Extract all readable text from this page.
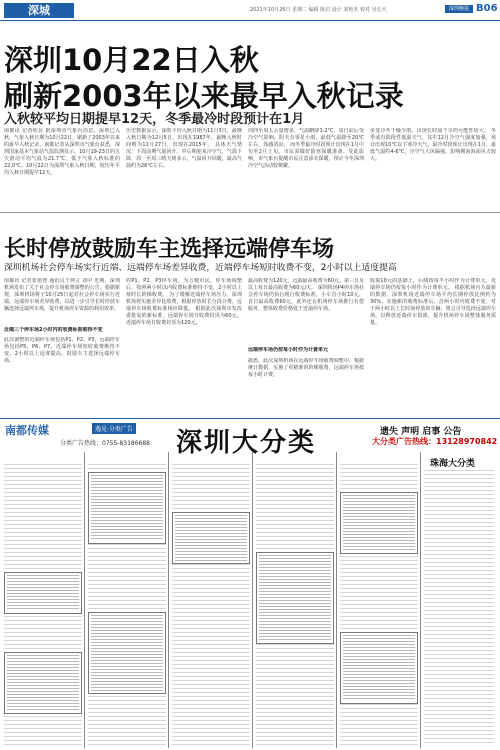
深城	2021年10月26日 星期二 编辑 陈启 设计 刘艳杰 校对 吴长火	深圳晚报 B06
深圳10月22日入秋
刷新2003年以来最早入秋记录
入秋较平均日期提早12天，冬季最冷时段预计在1月
南都讯 记者程昆 据深圳市气象台消息，深圳已入秋，气象入秋日期为10月22日，刷新了2003年以来的最早入秋记录。南都记者从深圳市气象台获悉，深圳国家基本气象站气温监测显示，10月19-23日的五天滑动平均气温为21.7℃，低于气象入秋标准的22.0℃。10月22日为深圳气象入秋日期，较历年平均入秋日期提早12天。
历史数据显示，深圳平均入秋日期为11月3日，最晚入秋日期为12月5日，出现在1987年，最晚入秋时间则为11月27日，出现在2015年。 具体天气情况：下周前期气温回升，中后期迎来冷空气，气温下降，周一至周三晴天到多云，气温回升回暖，最高气温约为26℃左右。
周四至周五云量增多，气温略降1-2℃，周日前后受冷空气影响，阴天有零星小雨，最低气温降至20℃左右，体感清凉。 而冬季最冷时段预计出现在1月中旬至2月上旬，市民需做好防寒保暖准备。受此影响，市气象台提醒市民注意添衣保暖，预计今冬深圳冷空气活动较频繁。
多变冷冬干燥少雨，出现长时间干旱的可能性较大。 冬季或有阶段性低温天气，其中12月冷空气强度加强，预计出现10℃以下寒冷天气，最冷时段预计出现在1月，最低气温约4-6℃，冷空气大风偏强，影响期间海面风力较大。
长时停放鼓励车主选择远端停车场
深圳机场社会停车场实行近端、远端停车场差异收费，近端停车场短时收费不变，2小时以上适度提高
南都讯 记者张艳慧 通讯员王钟言 刘中 近期，深圳机场发布了关于社会停车场收费调整的公告。根据新规，深圳机场将于10月25日起对社会停车场实行近端、远端停车场差异收费，以进一步引导长时停放车辆选择远端停车场，提升机场停车资源的利用效率。
近端三个停车场2小时内的收费标准维持不变
此次调整的近端停车场包括P1、P2、P3，远端停车场包括P5、P6、P7。近端停车场短时收费维持不变，2小时以上适度提高，鼓励车主选择远端停车场。
的P1、P2、P3停车场，为方便市民，停车场调整后，按照两小时以内收费标准维持不变，2小时以上按时长阶梯收费。 为了缓解近端停车场压力，深圳机场将实施差异化收费，根据停放时长分段计费，远端停车场收费标准相应降低。 根据此次深圳市发改委批复的新标准，远端停车场日收费封顶为60元，近端停车场日收费封顶为120元。
最高收费为120元，远端最高收费为60元。第三日及以上每日最高收费为60元/天。 深圳机场P4停车场社会停车场仍执行现行收费标准，小车首小时10元，首日最高收费60元。此外还在机场停车场推行有偿服务，整体收费价格低于近端停车场。
远端停车场仍按每小时作为计费单元
据悉，此次深圳机场在远端停车场收费调整中，根据统计数据，实施了更精准的阶梯收费，远端停车场按每小时计费。
收取10元的基础上，后续按每半小时作为计费单元，近端停车场仍按每小时作为计费单元。 根据机场官方最新的数据，深圳机场近端停车场平均长期停放比例约为30%，实施新的收费标准后，首两小时内收费不变，对于两小时以上长时间停放的车辆，将会引导选择远端停车场，以释放近端停车资源，提升机场停车场整体服务质量。
南都传媒	遇见·分类广告
分类广告热线：0755-83186688 深圳大分类	遗失 声明 启事 公告
大分类广告热线：13128970842
珠海大分类
